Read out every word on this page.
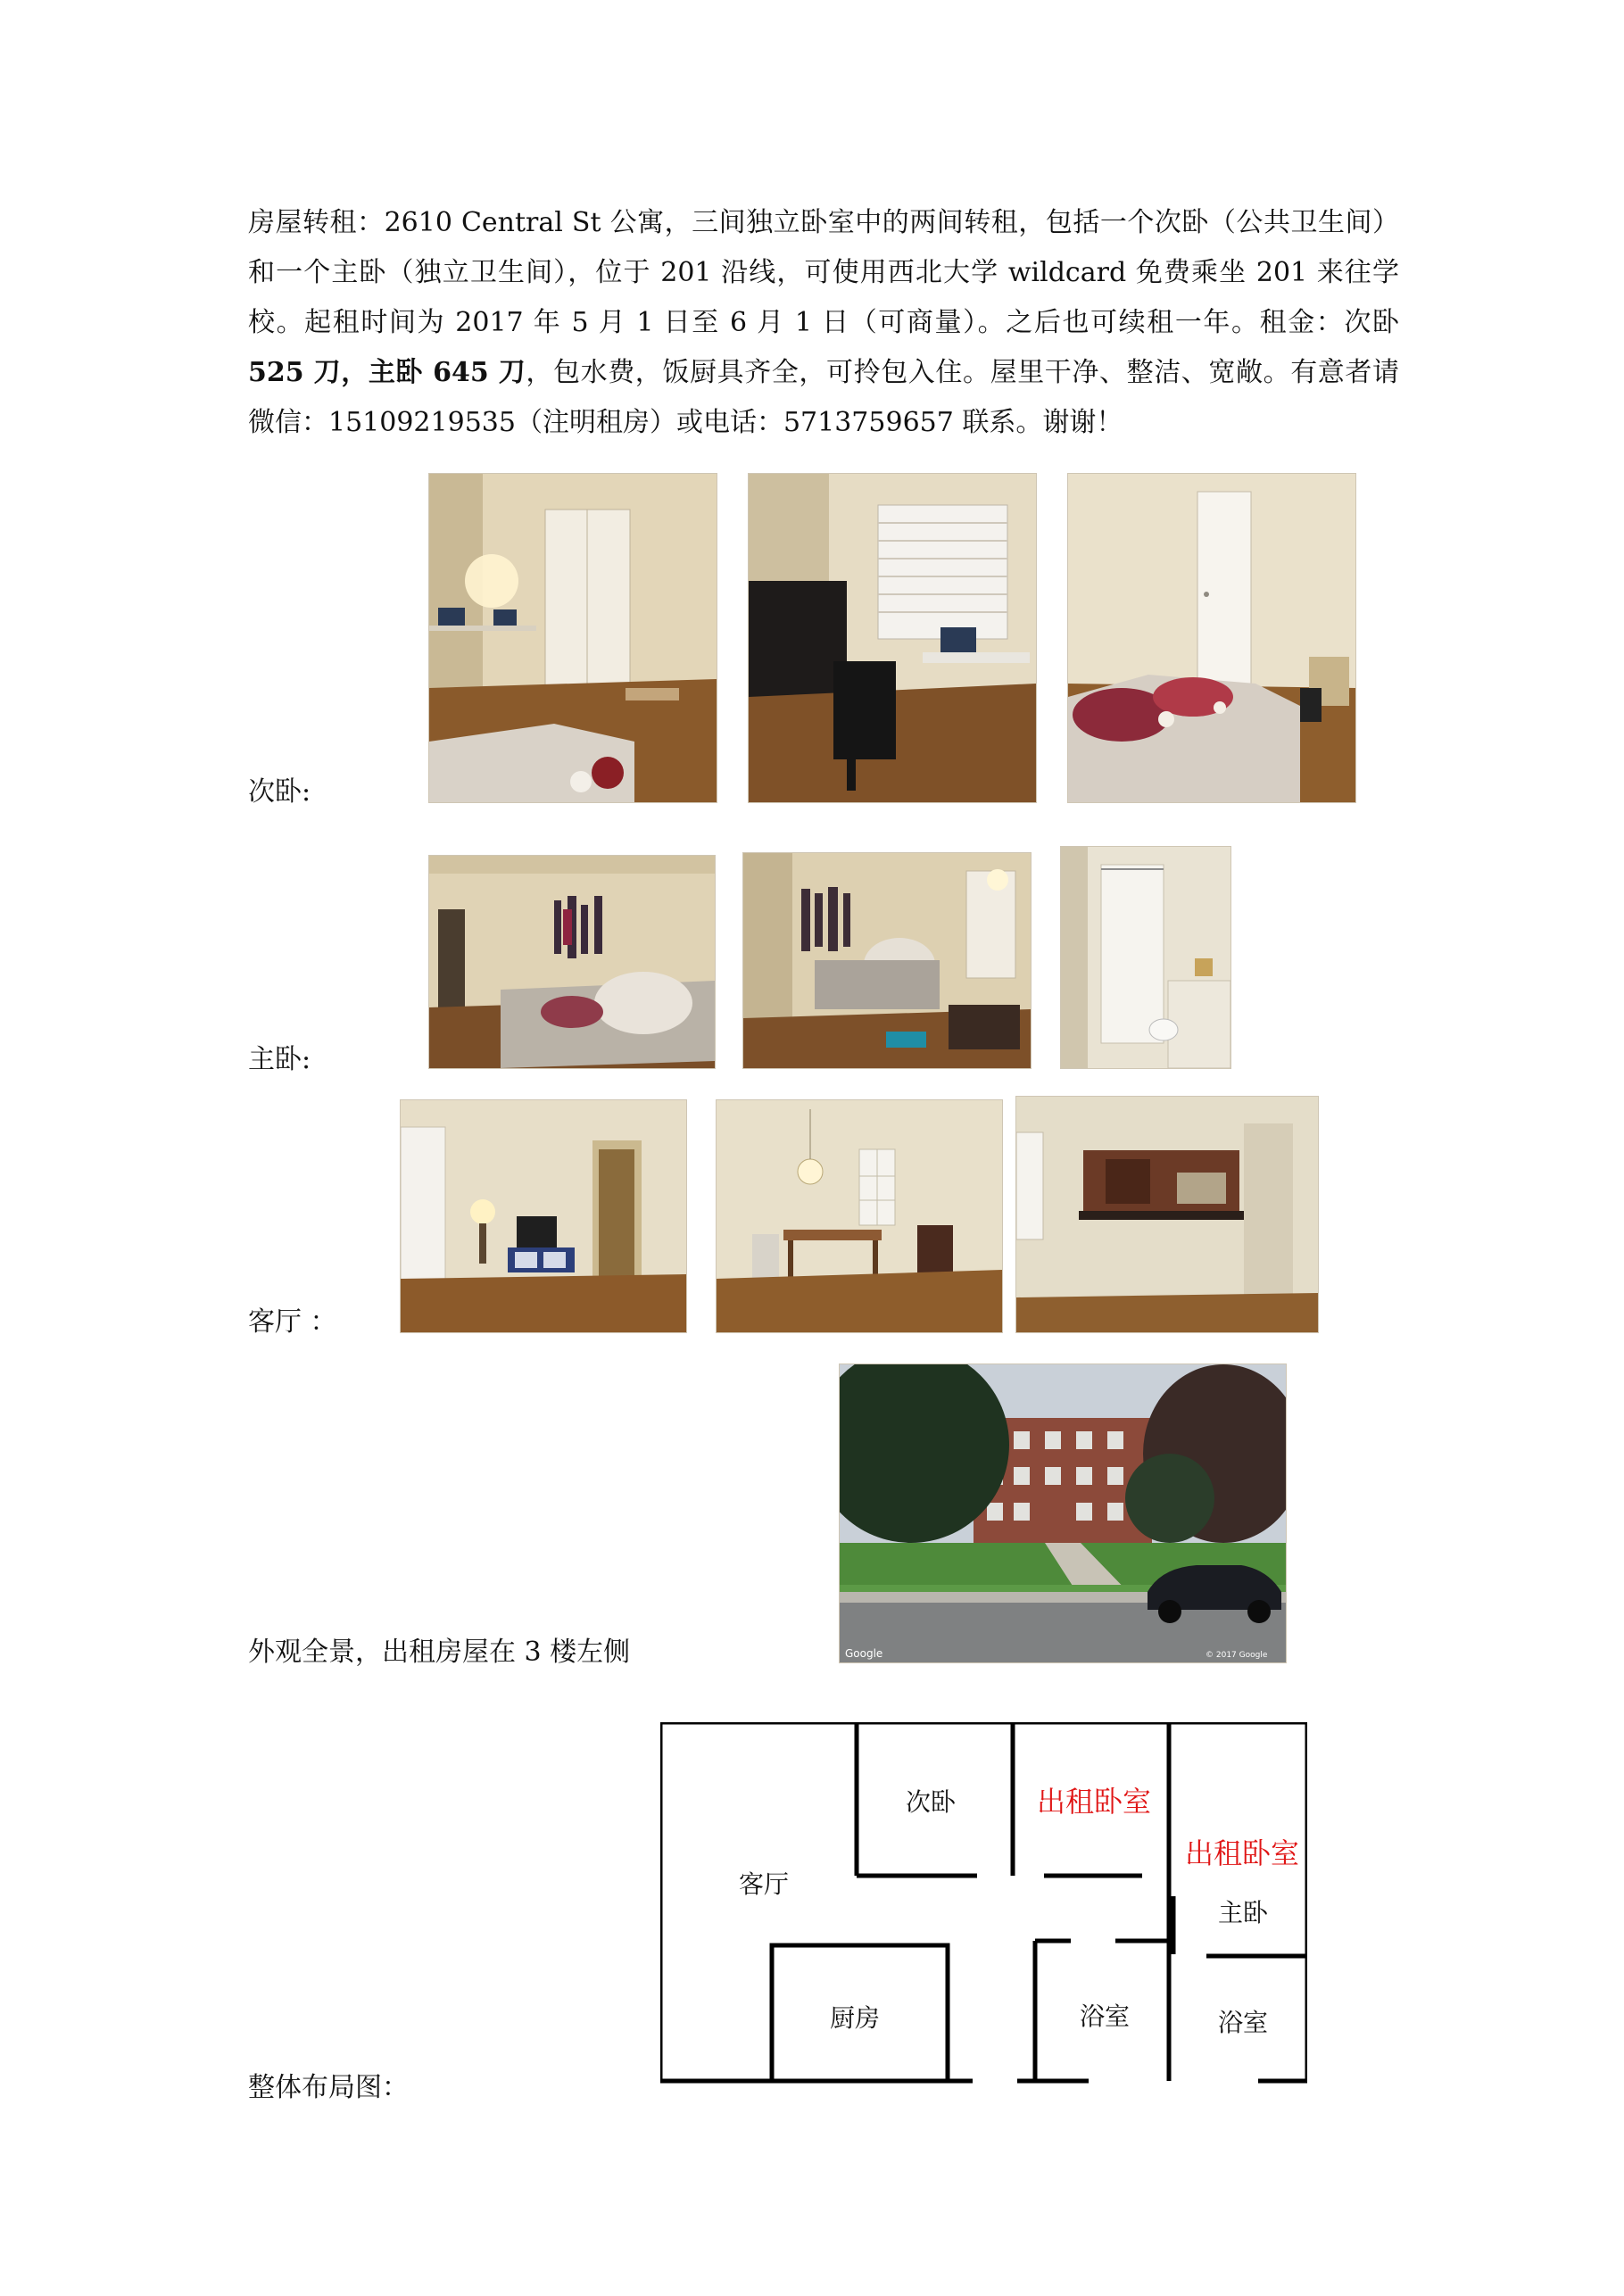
房屋转租：2610 Central St 公寓，三间独立卧室中的两间转租，包括一个次卧（公共卫生间）和一个主卧（独立卫生间），位于 201 沿线，可使用西北大学 wildcard 免费乘坐 201 来往学校。起租时间为 2017 年 5 月 1 日至 6 月 1 日（可商量）。之后也可续租一年。租金：次卧 525 刀，主卧 645 刀，包水费，饭厨具齐全，可拎包入住。屋里干净、整洁、宽敞。有意者请微信：15109219535（注明租房）或电话：5713759657 联系。谢谢！
次卧:
主卧:
客厅 ：
外观全景，出租房屋在 3 楼左侧	Google	© 2017 Google
整体布局图：
次卧	出租卧室
出租卧室
客厅
主卧
厨房	浴室	浴室
